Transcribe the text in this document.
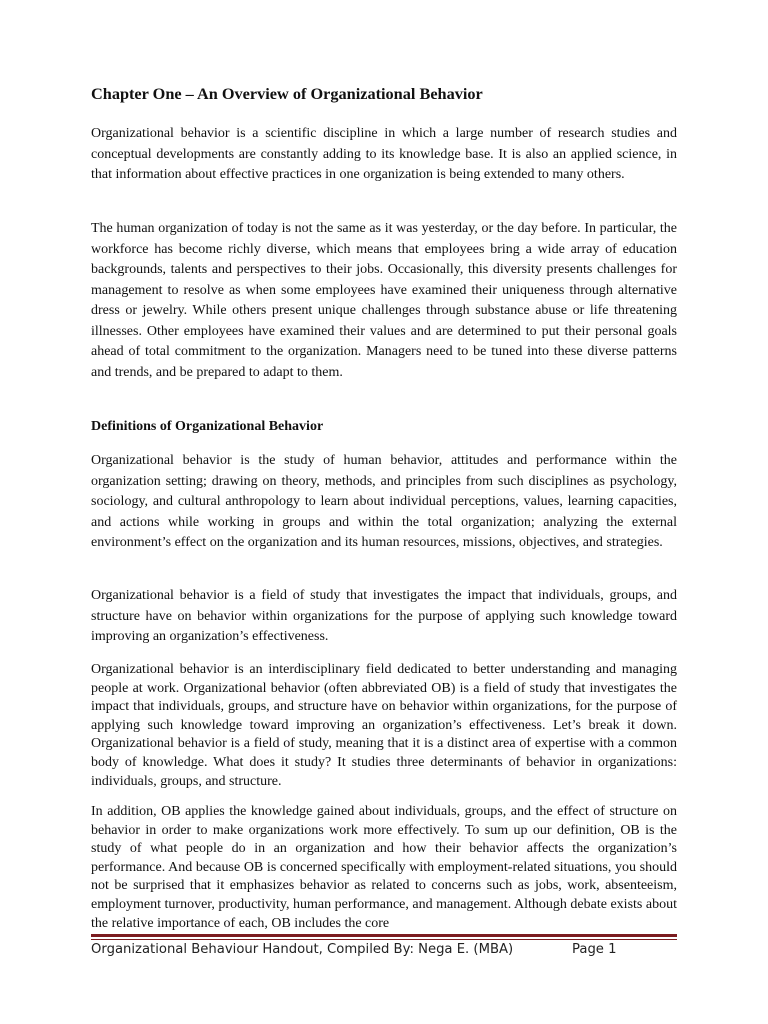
Chapter One – An Overview of Organizational Behavior

Organizational behavior is a scientific discipline in which a large number of research studies and conceptual developments are constantly adding to its knowledge base. It is also an applied science, in that information about effective practices in one organization is being extended to many others.

The human organization of today is not the same as it was yesterday, or the day before. In particular, the workforce has become richly diverse, which means that employees bring a wide array of education backgrounds, talents and perspectives to their jobs. Occasionally, this diversity presents challenges for management to resolve as when some employees have examined their uniqueness through alternative dress or jewelry. While others present unique challenges through substance abuse or life threatening illnesses. Other employees have examined their values and are determined to put their personal goals ahead of total commitment to the organization. Managers need to be tuned into these diverse patterns and trends, and be prepared to adapt to them.

Definitions of Organizational Behavior

Organizational behavior is the study of human behavior, attitudes and performance within the organization setting; drawing on theory, methods, and principles from such disciplines as psychology, sociology, and cultural anthropology to learn about individual perceptions, values, learning capacities, and actions while working in groups and within the total organization; analyzing the external environment’s effect on the organization and its human resources, missions, objectives, and strategies.

Organizational behavior is a field of study that investigates the impact that individuals, groups, and structure have on behavior within organizations for the purpose of applying such knowledge toward improving an organization’s effectiveness.

Organizational behavior is an interdisciplinary field dedicated to better understanding and managing people at work. Organizational behavior (often abbreviated OB) is a field of study that investigates the impact that individuals, groups, and structure have on behavior within organizations, for the purpose of applying such knowledge toward improving an organization’s effectiveness. Let’s break it down. Organizational behavior is a field of study, meaning that it is a distinct area of expertise with a common body of knowledge. What does it study? It studies three determinants of behavior in organizations: individuals, groups, and structure.

In addition, OB applies the knowledge gained about individuals, groups, and the effect of structure on behavior in order to make organizations work more effectively. To sum up our definition, OB is the study of what people do in an organization and how their behavior affects the organization’s performance. And because OB is concerned specifically with employment-related situations, you should not be surprised that it emphasizes behavior as related to concerns such as jobs, work, absenteeism, employment turnover, productivity, human performance, and management. Although debate exists about the relative importance of each, OB includes the core

Organizational Behaviour Handout, Compiled By: Nega E. (MBA)	Page 1
